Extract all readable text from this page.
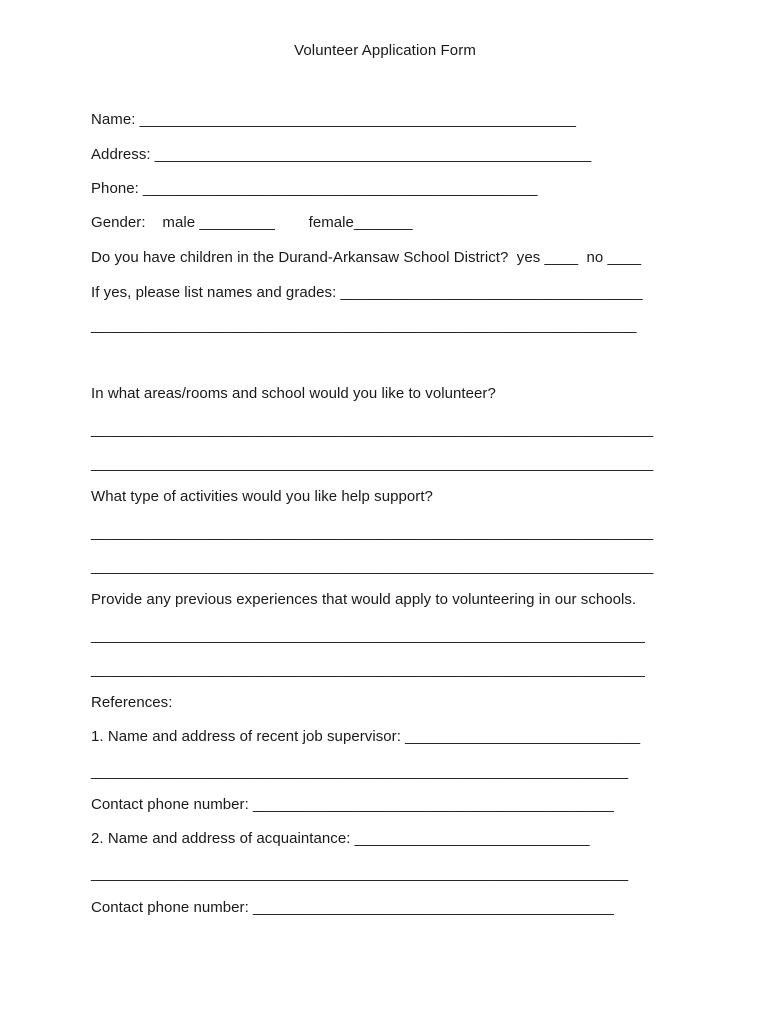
Volunteer Application Form
Name: ____________________________________________________
Address: ____________________________________________________
Phone: _______________________________________________
Gender:    male _________        female_______
Do you have children in the Durand-Arkansaw School District?  yes ____  no ____
If yes, please list names and grades: ____________________________________
_________________________________________________________________
In what areas/rooms and school would you like to volunteer?
___________________________________________________________________
___________________________________________________________________
What type of activities would you like help support?
___________________________________________________________________
___________________________________________________________________
Provide any previous experiences that would apply to volunteering in our schools.
__________________________________________________________________
__________________________________________________________________
References:
1. Name and address of recent job supervisor: ____________________________
________________________________________________________________
Contact phone number: ___________________________________________
2. Name and address of acquaintance: ____________________________
________________________________________________________________
Contact phone number: ___________________________________________
